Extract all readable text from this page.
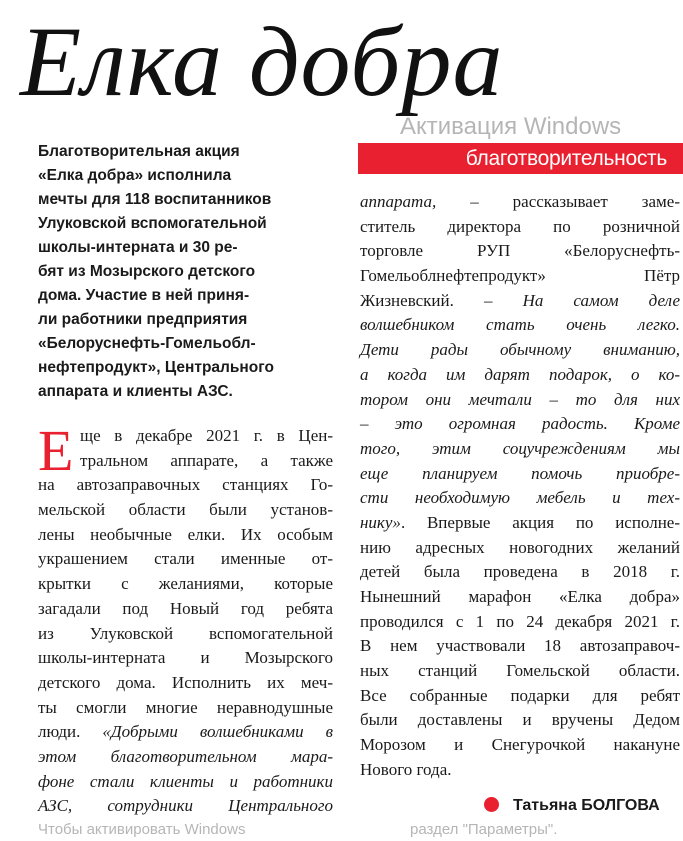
Елка добра
благотворительность
Благотворительная акция
«Елка добра» исполнила
мечты для 118 воспитанников
Улуковской вспомогательной
школы-интерната и 30 ре-
бят из Мозырского детского
дома. Участие в ней приня-
ли работники предприятия
«Белоруснефть-Гомельобл-
нефтепродукт», Центрального
аппарата и клиенты АЗС.
Е ще в декабре 2021 г. в Цен-
тральном аппарате, а также
на автозаправочных станциях Го-
мельской области были установ-
лены необычные елки. Их особым
украшением стали именные от-
крытки с желаниями, которые
загадали под Новый год ребята
из Улуковской вспомогательной
школы-интерната и Мозырского
детского дома. Исполнить их меч-
ты смогли многие неравнодушные
люди. «Добрыми волшебниками в
этом благотворительном мара-
фоне стали клиенты и работники
АЗС, сотрудники Центрального
аппарата, – рассказывает заме-
ститель директора по розничной
торговле РУП «Белоруснефть-
Гомельоблнефтепродукт» Пётр
Жизневский. – На самом деле
волшебником стать очень легко.
Дети рады обычному вниманию,
а когда им дарят подарок, о ко-
тором они мечтали – то для них
– это огромная радость. Кроме
того, этим соцучреждениям мы
еще планируем помочь приобре-
сти необходимую мебель и тех-
нику». Впервые акция по исполне-
нию адресных новогодних желаний
детей была проведена в 2018 г.
Нынешний марафон «Елка добра»
проводился с 1 по 24 декабря 2021 г.
В нем участвовали 18 автозаправоч-
ных станций Гомельской области.
Все собранные подарки для ребят
были доставлены и вручены Дедом
Морозом и Снегурочкой накануне
Нового года.
Активация Windows
Чтобы активировать Windows	раздел "Параметры".
Татьяна БОЛГОВА
